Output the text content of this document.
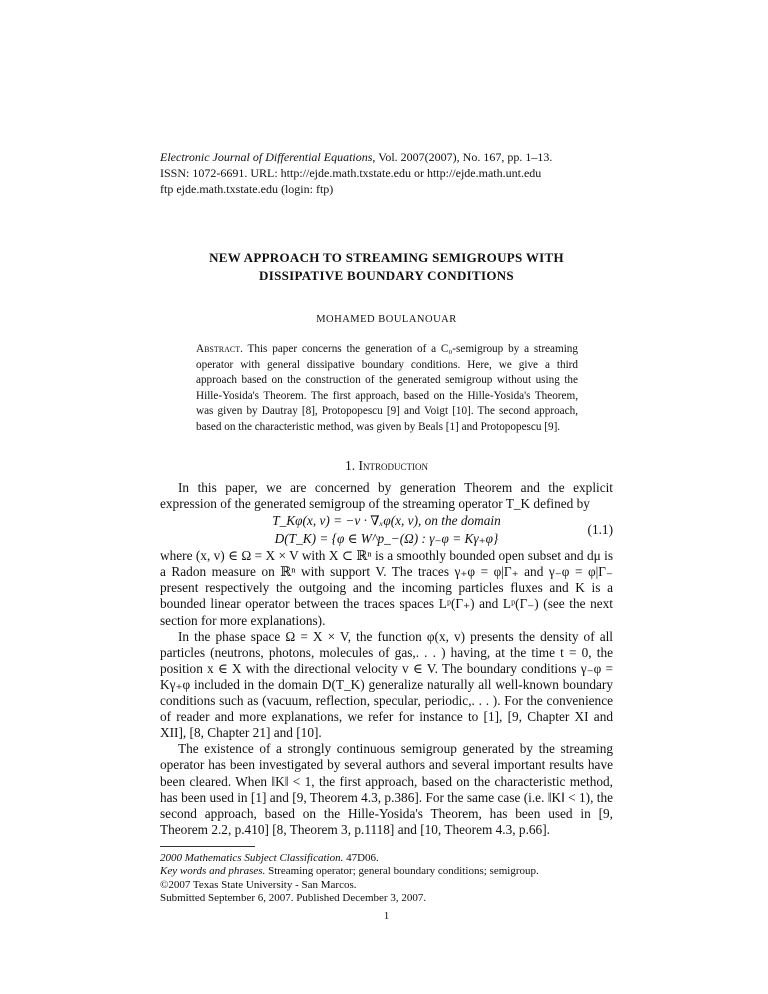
Electronic Journal of Differential Equations, Vol. 2007(2007), No. 167, pp. 1–13.
ISSN: 1072-6691. URL: http://ejde.math.txstate.edu or http://ejde.math.unt.edu
ftp ejde.math.txstate.edu (login: ftp)
NEW APPROACH TO STREAMING SEMIGROUPS WITH
DISSIPATIVE BOUNDARY CONDITIONS
MOHAMED BOULANOUAR
Abstract. This paper concerns the generation of a C₀-semigroup by a streaming operator with general dissipative boundary conditions. Here, we give a third approach based on the construction of the generated semigroup without using the Hille-Yosida's Theorem. The first approach, based on the Hille-Yosida's Theorem, was given by Dautray [8], Protopopescu [9] and Voigt [10]. The second approach, based on the characteristic method, was given by Beals [1] and Protopopescu [9].
1. Introduction

In this paper, we are concerned by generation Theorem and the explicit expression of the generated semigroup of the streaming operator T_K defined by

T_Kφ(x, v) = −v · ∇ₓφ(x, v), on the domain
D(T_K) = {φ ∈ W^p_−(Ω) : γ₋φ = Kγ₊φ}
(1.1)

where (x, v) ∈ Ω = X × V with X ⊂ ℝⁿ is a smoothly bounded open subset and dμ is a Radon measure on ℝⁿ with support V. The traces γ₊φ = φ|Γ₊ and γ₋φ = φ|Γ₋ present respectively the outgoing and the incoming particles fluxes and K is a bounded linear operator between the traces spaces Lᵖ(Γ₊) and Lᵖ(Γ₋) (see the next section for more explanations).

In the phase space Ω = X × V, the function φ(x, v) presents the density of all particles (neutrons, photons, molecules of gas,. . . ) having, at the time t = 0, the position x ∈ X with the directional velocity v ∈ V. The boundary conditions γ₋φ = Kγ₊φ included in the domain D(T_K) generalize naturally all well-known boundary conditions such as (vacuum, reflection, specular, periodic,. . . ). For the convenience of reader and more explanations, we refer for instance to [1], [9, Chapter XI and XII], [8, Chapter 21] and [10].

The existence of a strongly continuous semigroup generated by the streaming operator has been investigated by several authors and several important results have been cleared. When ‖K‖ < 1, the first approach, based on the characteristic method, has been used in [1] and [9, Theorem 4.3, p.386]. For the same case (i.e. ‖K‖ < 1), the second approach, based on the Hille-Yosida's Theorem, has been used in [9, Theorem 2.2, p.410] [8, Theorem 3, p.1118] and [10, Theorem 4.3, p.66].

2000 Mathematics Subject Classification. 47D06.
Key words and phrases. Streaming operator; general boundary conditions; semigroup.
©2007 Texas State University - San Marcos.
Submitted September 6, 2007. Published December 3, 2007.
1
